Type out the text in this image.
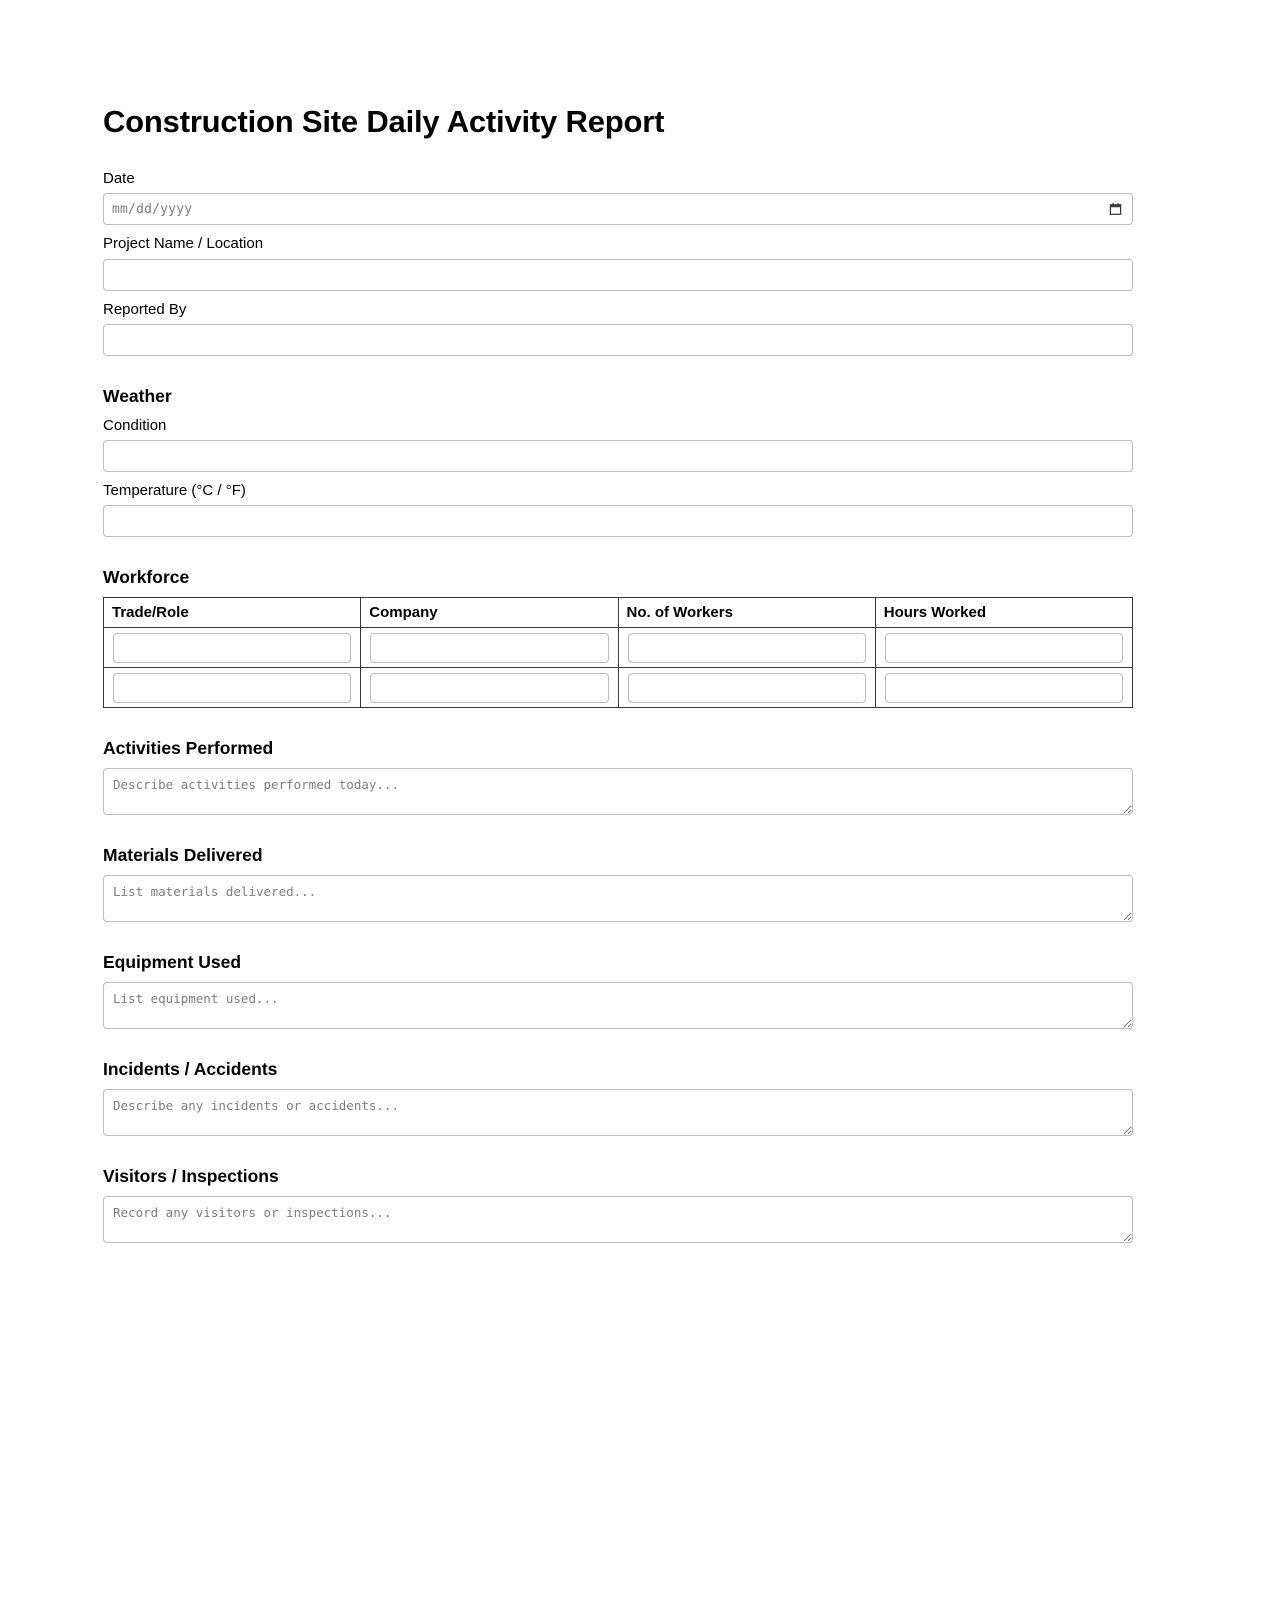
Construction Site Daily Activity Report
Date
mm/dd/yyyy
Project Name / Location
Reported By
Weather
Condition
Temperature (°C / °F)
Workforce
Trade/Role	Company	No. of Workers	Hours Worked

Activities Performed
Describe activities performed today...
Materials Delivered
List materials delivered...
Equipment Used
List equipment used...
Incidents / Accidents
Describe any incidents or accidents...
Visitors / Inspections
Record any visitors or inspections...
